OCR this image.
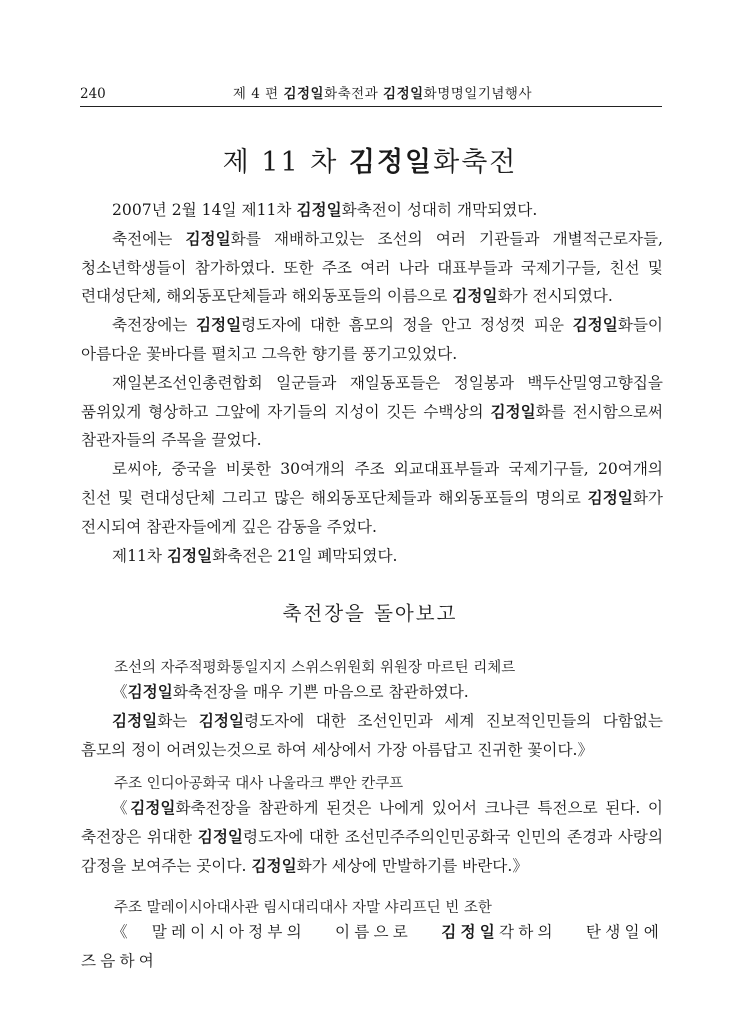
240	제 4 편 김정일화축전과 김정일화명명일기념행사
제 11 차 김정일화축전

2007년 2월 14일 제11차 김정일화축전이 성대히 개막되였다.

축전에는 김정일화를 재배하고있는 조선의 여러 기관들과 개별적근로자들, 청소년학생들이 참가하였다. 또한 주조 여러 나라 대표부들과 국제기구들, 친선 및 련대성단체, 해외동포단체들과 해외동포들의 이름으로 김정일화가 전시되였다.

축전장에는 김정일령도자에 대한 흠모의 정을 안고 정성껏 피운 김정일화들이 아름다운 꽃바다를 펼치고 그윽한 향기를 풍기고있었다.

재일본조선인총련합회 일군들과 재일동포들은 정일봉과 백두산밀영고향집을 품위있게 형상하고 그앞에 자기들의 지성이 깃든 수백상의 김정일화를 전시함으로써 참관자들의 주목을 끌었다.

로씨야, 중국을 비롯한 30여개의 주조 외교대표부들과 국제기구들, 20여개의 친선 및 련대성단체 그리고 많은 해외동포단체들과 해외동포들의 명의로 김정일화가 전시되여 참관자들에게 깊은 감동을 주었다.

제11차 김정일화축전은 21일 폐막되였다.

축전장을 돌아보고
조선의 자주적평화통일지지 스위스위원회 위원장 마르틴 리체르

《김정일화축전장을 매우 기쁜 마음으로 참관하였다.

김정일화는 김정일령도자에 대한 조선인민과 세계 진보적인민들의 다함없는 흠모의 정이 어려있는것으로 하여 세상에서 가장 아름답고 진귀한 꽃이다.》

주조 인디아공화국 대사 나울라크 뿌안 칸쿠프

《김정일화축전장을 참관하게 된것은 나에게 있어서 크나큰 특전으로 된다. 이 축전장은 위대한 김정일령도자에 대한 조선민주주의인민공화국 인민의 존경과 사랑의 감정을 보여주는 곳이다. 김정일화가 세상에 만발하기를 바란다.》

주조 말레이시아대사관 림시대리대사 자말 샤리프딘 빈 조한

《말레이시아정부의 이름으로 김정일각하의 탄생일에 즈음하여
